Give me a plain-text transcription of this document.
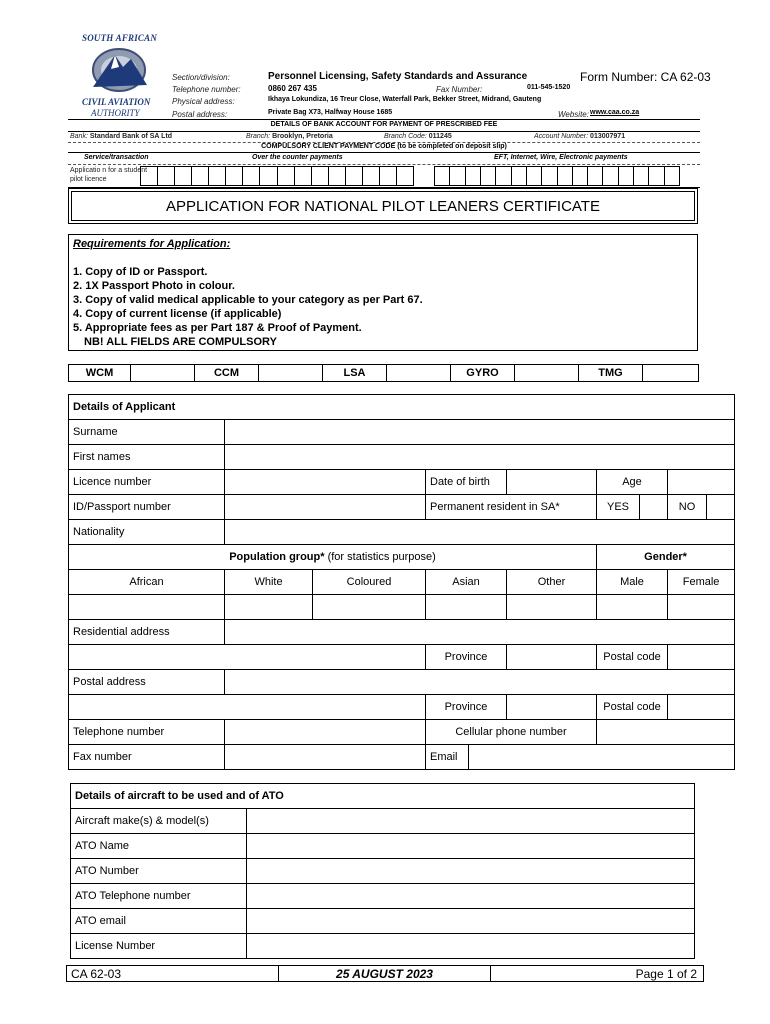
SOUTH AFRICAN
CIVIL AVIATION
AUTHORITY
Section/division:	Personnel Licensing, Safety Standards and Assurance	Form Number: CA 62-03
Telephone number:	0860 267 435	Fax Number:	011-545-1520
Physical address:	Ikhaya Lokundiza, 16 Treur Close, Waterfall Park, Bekker Street, Midrand, Gauteng
Postal address:	Private Bag X73, Halfway House 1685	Website: www.caa.co.za
DETAILS OF BANK ACCOUNT FOR PAYMENT OF PRESCRIBED FEE
Bank: Standard Bank of SA Ltd	Branch: Brooklyn, Pretoria	Branch Code: 011245	Account Number: 013007971
COMPULSORY CLIENT PAYMENT CODE (to be completed on deposit slip)
Service/transaction	Over the counter payments	EFT, Internet, Wire, Electronic payments
Applicatio n for a student
pilot licence
APPLICATION FOR NATIONAL PILOT LEANERS CERTIFICATE
Requirements for Application:
1. Copy of ID or Passport.
2. 1X Passport Photo in colour.
3. Copy of valid medical applicable to your category as per Part 67.
4. Copy of current license (if applicable)
5. Appropriate fees as per Part 187 & Proof of Payment.
NB! ALL FIELDS ARE COMPULSORY
WCM		CCM		LSA		GYRO		TMG	
Details of Applicant									
Surname									
First names									
Licence number			Date of birth			Age			
ID/Passport number			Permanent resident in SA*			YES		NO	
Nationality									
Population group* (for statistics purpose)						Gender*			
African	White	Coloured	Asian		Other	Male		Female	

Residential address									
			Province			Postal code			
Postal address									
			Province			Postal code			
Telephone number			Cellular phone number						
Fax number			Email						
Details of aircraft to be used and of ATO	
Aircraft make(s) & model(s)	
ATO Name	
ATO Number	
ATO Telephone number	
ATO email	
License Number	
CA 62-03	25 AUGUST 2023	Page 1 of 2
